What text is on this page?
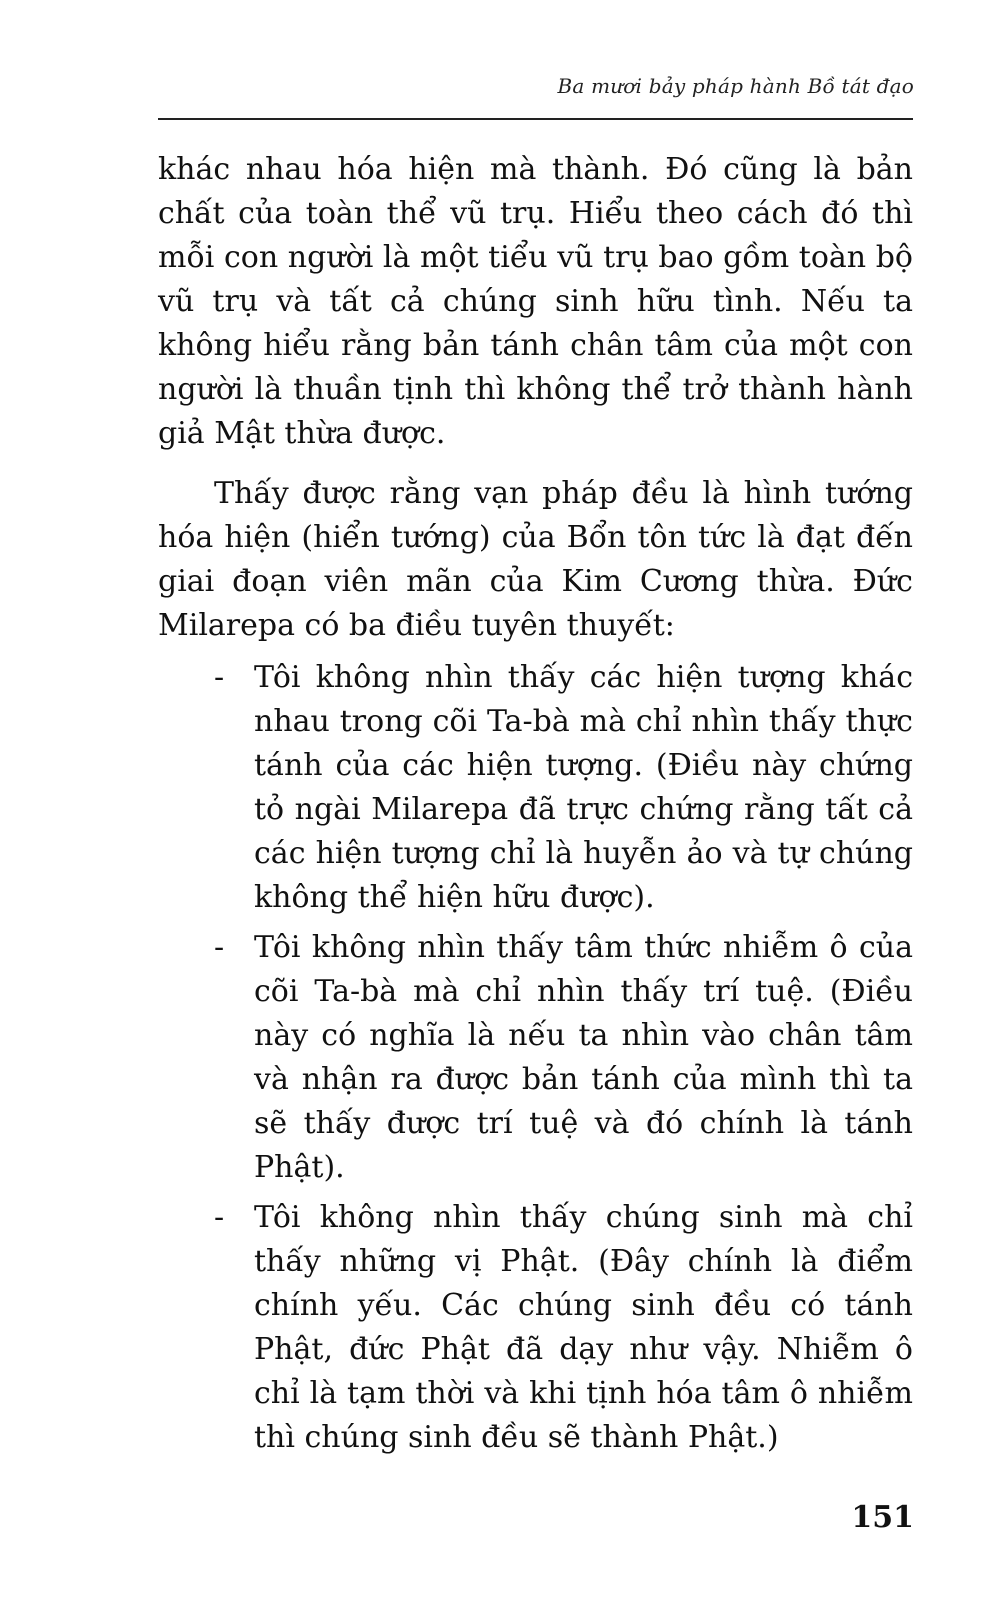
Ba mươi bảy pháp hành Bồ tát đạo

khác nhau hóa hiện mà thành. Đó cũng là bản chất của toàn thể vũ trụ. Hiểu theo cách đó thì mỗi con người là một tiểu vũ trụ bao gồm toàn bộ vũ trụ và tất cả chúng sinh hữu tình. Nếu ta không hiểu rằng bản tánh chân tâm của một con người là thuần tịnh thì không thể trở thành hành giả Mật thừa được.

Thấy được rằng vạn pháp đều là hình tướng hóa hiện (hiển tướng) của Bổn tôn tức là đạt đến giai đoạn viên mãn của Kim Cương thừa. Đức Milarepa có ba điều tuyên thuyết:

- Tôi không nhìn thấy các hiện tượng khác nhau trong cõi Ta-bà mà chỉ nhìn thấy thực tánh của các hiện tượng. (Điều này chứng tỏ ngài Milarepa đã trực chứng rằng tất cả các hiện tượng chỉ là huyễn ảo và tự chúng không thể hiện hữu được).
- Tôi không nhìn thấy tâm thức nhiễm ô của cõi Ta-bà mà chỉ nhìn thấy trí tuệ. (Điều này có nghĩa là nếu ta nhìn vào chân tâm và nhận ra được bản tánh của mình thì ta sẽ thấy được trí tuệ và đó chính là tánh Phật).
- Tôi không nhìn thấy chúng sinh mà chỉ thấy những vị Phật. (Đây chính là điểm chính yếu. Các chúng sinh đều có tánh Phật, đức Phật đã dạy như vậy. Nhiễm ô chỉ là tạm thời và khi tịnh hóa tâm ô nhiễm thì chúng sinh đều sẽ thành Phật.)
151
